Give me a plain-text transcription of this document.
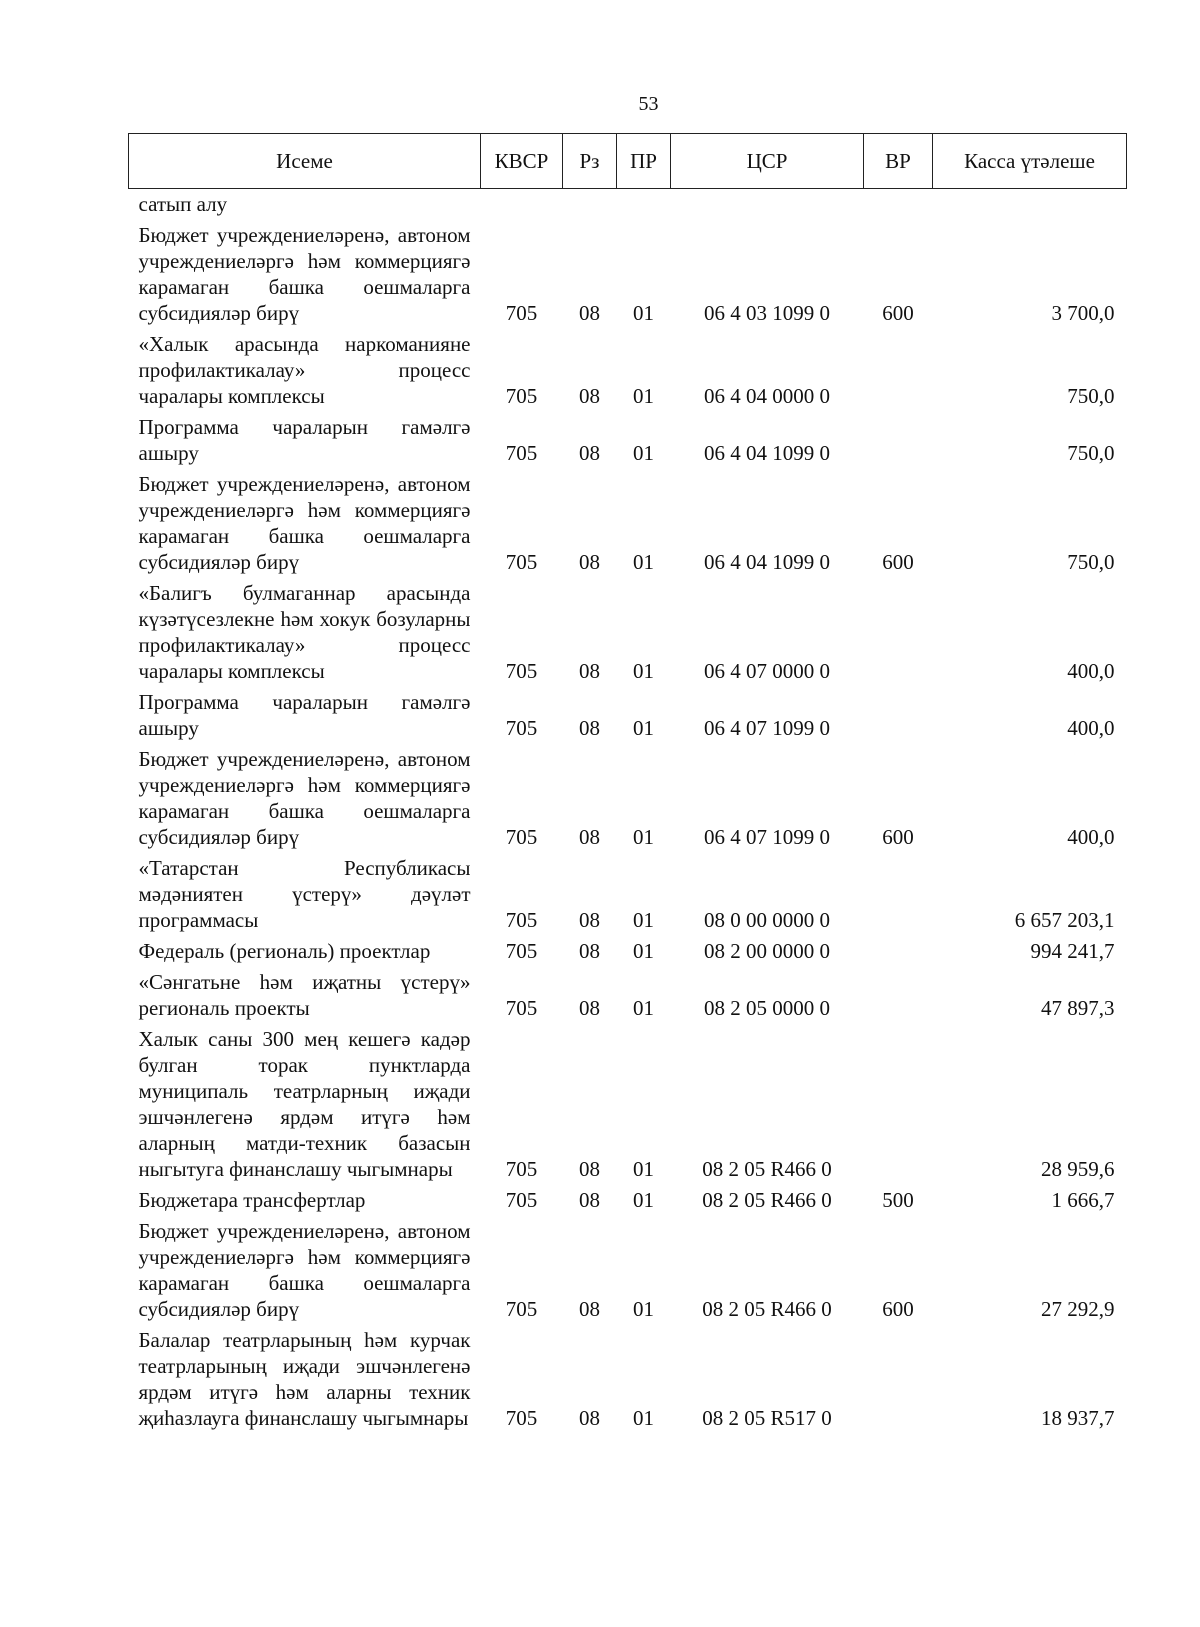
53
Исеме	КВСР	Рз	ПР	ЦСР	ВР	Касса үтәлеше
сатып алу						
Бюджет учреждениеләренә, автоном учреждениеләргә һәм коммерциягә карамаган башка оешмаларга субсидияләр бирү	705	08	01	06 4 03 1099 0	600	3 700,0
«Халык арасында наркоманияне профилактикалау» процесс чаралары комплексы	705	08	01	06 4 04 0000 0		750,0
Программа чараларын гамәлгә ашыру	705	08	01	06 4 04 1099 0		750,0
Бюджет учреждениеләренә, автоном учреждениеләргә һәм коммерциягә карамаган башка оешмаларга субсидияләр бирү	705	08	01	06 4 04 1099 0	600	750,0
«Балигъ булмаганнар арасында күзәтүсезлекне һәм хокук бозуларны профилактикалау» процесс чаралары комплексы	705	08	01	06 4 07 0000 0		400,0
Программа чараларын гамәлгә ашыру	705	08	01	06 4 07 1099 0		400,0
Бюджет учреждениеләренә, автоном учреждениеләргә һәм коммерциягә карамаган башка оешмаларга субсидияләр бирү	705	08	01	06 4 07 1099 0	600	400,0
«Татарстан Республикасы мәдәниятен үстерү» дәүләт программасы	705	08	01	08 0 00 0000 0		6 657 203,1
Федераль (региональ) проектлар	705	08	01	08 2 00 0000 0		994 241,7
«Сәнгатьне һәм иҗатны үстерү» региональ проекты	705	08	01	08 2 05 0000 0		47 897,3
Халык саны 300 мең кешегә кадәр булган торак пунктларда муниципаль театрларның иҗади эшчәнлегенә ярдәм итүгә һәм аларның матди-техник базасын ныгытуга финанслашу чыгымнары	705	08	01	08 2 05 R466 0		28 959,6
Бюджетара трансфертлар	705	08	01	08 2 05 R466 0	500	1 666,7
Бюджет учреждениеләренә, автоном учреждениеләргә һәм коммерциягә карамаган башка оешмаларга субсидияләр бирү	705	08	01	08 2 05 R466 0	600	27 292,9
Балалар театрларының һәм курчак театрларының иҗади эшчәнлегенә ярдәм итүгә һәм аларны техник җиһазлауга финанслашу чыгымнары	705	08	01	08 2 05 R517 0		18 937,7
